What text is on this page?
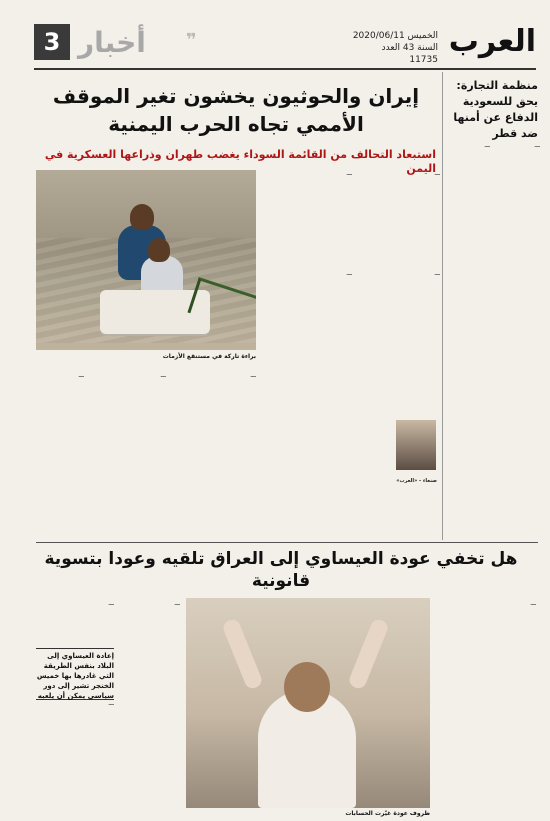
3 أخبار ❞	الخميس 2020/06/11
السنة 43 العدد 11735
العرب
إيران والحوثيون يخشون تغير الموقف
الأممي تجاه الحرب اليمنية
استبعاد التحالف من القائمة السوداء يغضب طهران وذراعها العسكرية في اليمن
براءة تاركة في مستنقع الأزمات

ـــ	ـــ

ـــ

ـــ

ـــ

ـــ

ـــ

صنعاء - «العرب»
منظمة التجارة: يحق للسعودية الدفاع عن أمنها ضد قطر

ـــ

ـــ

هل تخفي عودة العيساوي إلى العراق تلقيه وعودا بتسوية قانونية

ـــ

ظروف عودة غيّرت الحسابات

ـــ

ـــ

إعادة العيساوي إلى البلاد بنفس الطريقة التي غادرها بها خميس الخنجر تشير إلى دور سياسي يمكن أن يلعبه

ـــ
